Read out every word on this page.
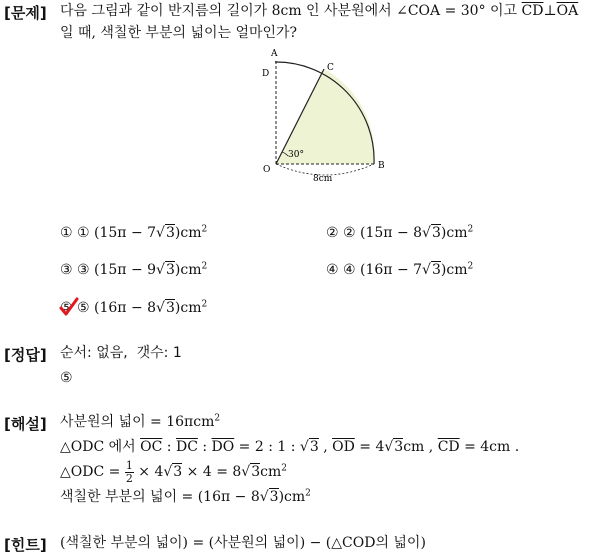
[문제] 다음 그림과 같이 반지름의 길이가 8cm 인 사분원에서 ∠COA = 30° 이고 $\overline{CD}\perp\overline{OA}$
일 때, 색칠한 부분의 넓이는 얼마인가?
A
C
D
O	B
30°
8cm
① ① $(15\pi - 7√3)cm^2$	② ② $(15\pi - 8√3)cm^2$
③ ③ $(15\pi - 9√3)cm^2$	④ ④ $(16\pi - 7√3)cm^2$
⑤ ⑤ $(16\pi - 8√3)cm^2$
[정답] 순서: 없음,  갯수: 1
⑤
[해설] 사분원의 넓이 = 16πcm$^2$
△ODC 에서 $\overline{OC}$ : $\overline{DC}$ : $\overline{DO} = 2$ : 1 : √3 , $\overline{OD} = 4√3cm$ , $\overline{CD} = 4cm$ .
△ODC = $\frac{1}{2} \times 4√3 \times 4 = 8√3cm^2$
색칠한 부분의 넓이 = $(16\pi - 8√3)cm^2$
[힌트] (색칠한 부분의 넓이) = (사분원의 넓이) − (△COD의 넓이)
